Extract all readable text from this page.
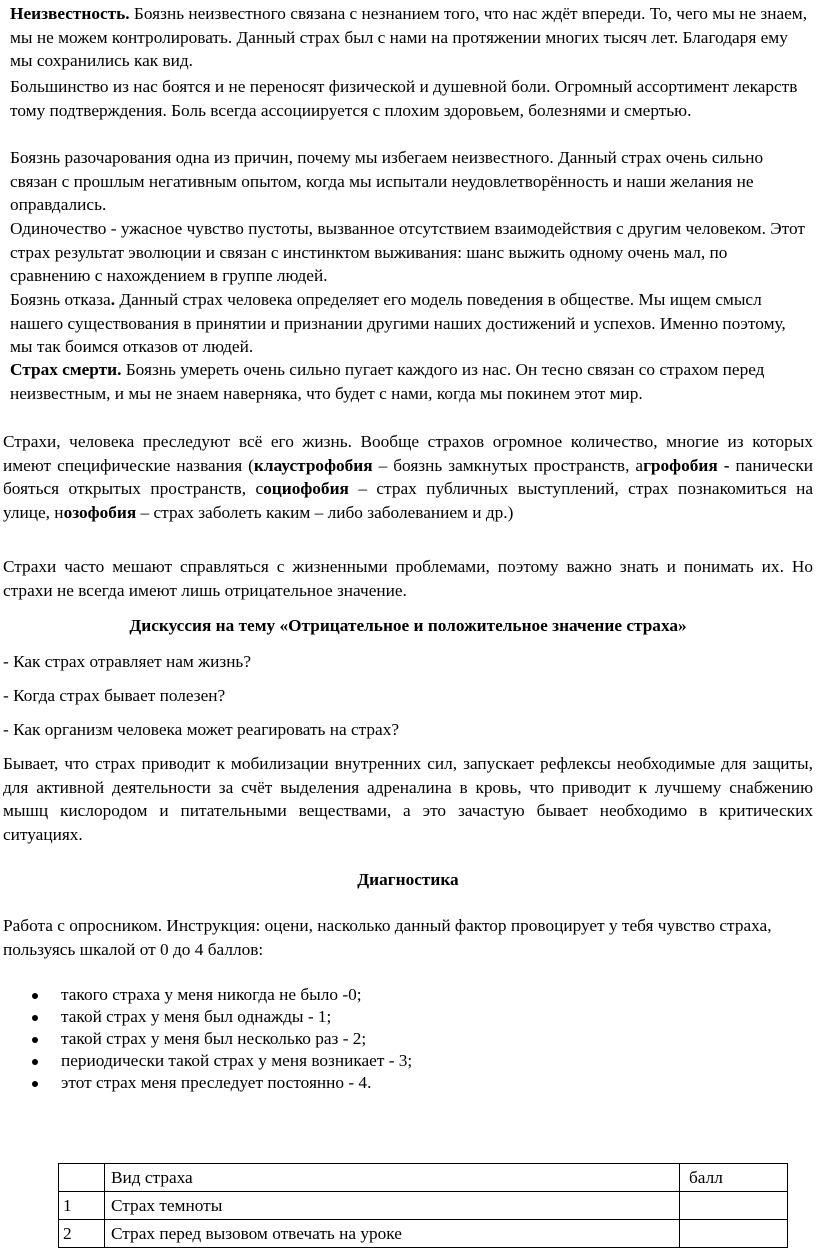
Неизвестность. Боязнь неизвестного связана с незнанием того, что нас ждёт впереди. То, чего мы не знаем, мы не можем контролировать. Данный страх был с нами на протяжении многих тысяч лет. Благодаря ему мы сохранились как вид.

Большинство из нас боятся и не переносят физической и душевной боли. Огромный ассортимент лекарств тому подтверждения. Боль всегда ассоциируется с плохим здоровьем, болезнями и смертью.

Боязнь разочарования одна из причин, почему мы избегаем неизвестного. Данный страх очень сильно связан с прошлым негативным опытом, когда мы испытали неудовлетворённость и наши желания не оправдались.

Одиночество - ужасное чувство пустоты, вызванное отсутствием взаимодействия с другим человеком. Этот страх результат эволюции и связан с инстинктом выживания: шанс выжить одному очень мал, по сравнению с нахождением в группе людей.

Боязнь отказа. Данный страх человека определяет его модель поведения в обществе. Мы ищем смысл нашего существования в принятии и признании другими наших достижений и успехов. Именно поэтому, мы так боимся отказов от людей.

Страх смерти. Боязнь умереть очень сильно пугает каждого из нас. Он тесно связан со страхом перед неизвестным, и мы не знаем наверняка, что будет с нами, когда мы покинем этот мир.

Страхи, человека преследуют всё его жизнь. Вообще страхов огромное количество, многие из которых имеют специфические названия (клаустрофобия – боязнь замкнутых пространств, агрофобия - панически бояться открытых пространств, социофобия – страх публичных выступлений, страх познакомиться на улице, нозофобия – страх заболеть каким – либо заболеванием и др.)

Страхи часто мешают справляться с жизненными проблемами, поэтому важно знать и понимать их. Но страхи не всегда имеют лишь отрицательное значение.

Дискуссия на тему «Отрицательное и положительное значение страха»

- Как страх отравляет нам жизнь?

- Когда страх бывает полезен?

- Как организм человека может реагировать на страх?

Бывает, что страх приводит к мобилизации внутренних сил, запускает рефлексы необходимые для защиты, для активной деятельности за счёт выделения адреналина в кровь, что приводит к лучшему снабжению мышц кислородом и питательными веществами, а это зачастую бывает необходимо в критических ситуациях.

Диагностика

Работа с опросником. Инструкция: оцени, насколько данный фактор провоцирует у тебя чувство страха, пользуясь шкалой от 0 до 4 баллов:

такого страха у меня никогда не было -0;
такой страх у меня был однажды - 1;
такой страх у меня был несколько раз - 2;
периодически такой страх у меня возникает - 3;
этот страх меня преследует постоянно - 4.
	Вид страха	балл
1	Страх темноты	
2	Страх перед вызовом отвечать на уроке	
